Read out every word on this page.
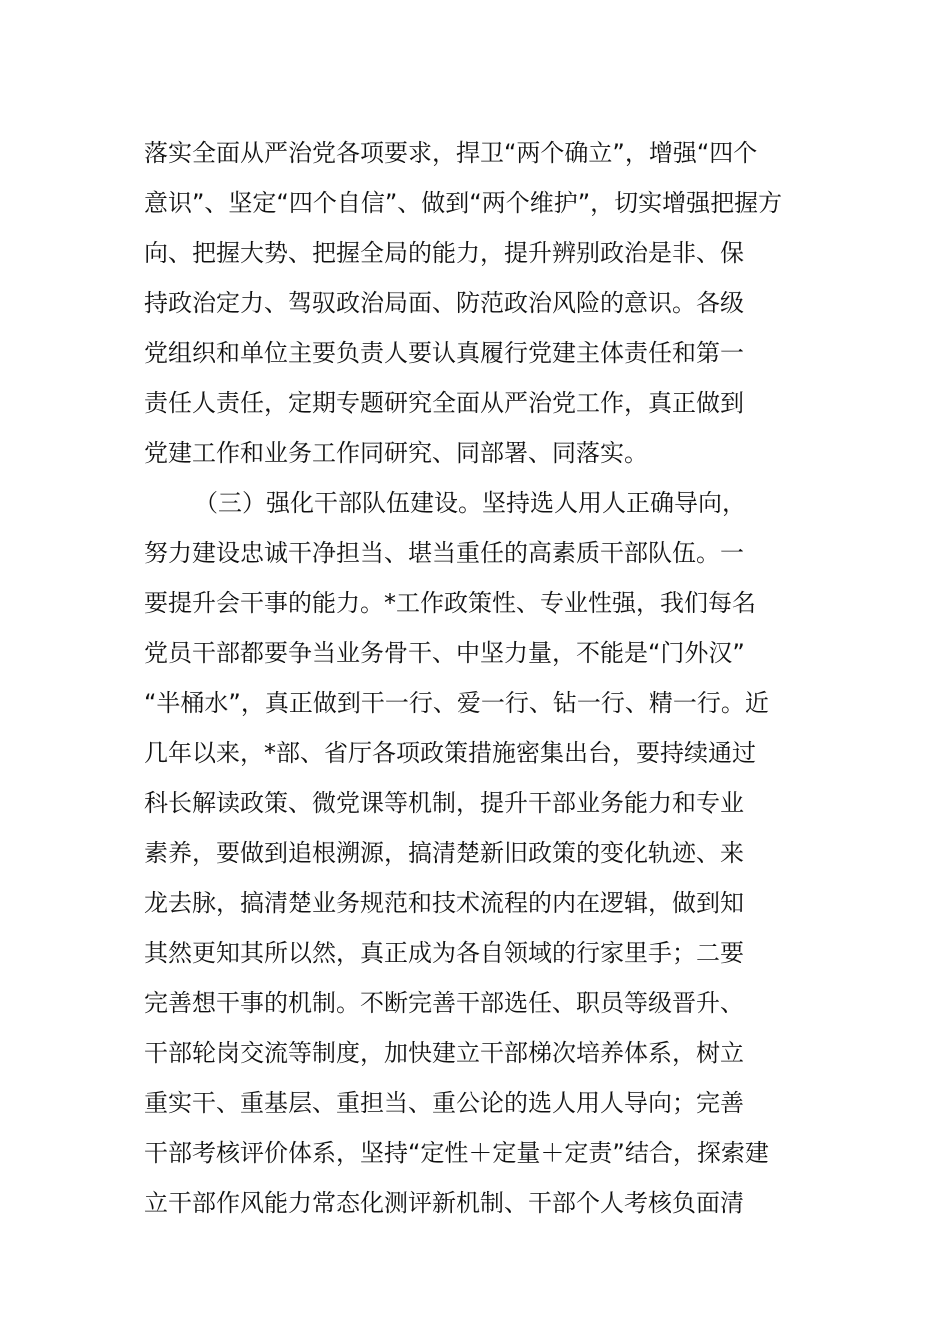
落实全面从严治党各项要求，捍卫“两个确立”，增强“四个
意识”、坚定“四个自信”、做到“两个维护”，切实增强把握方
向、把握大势、把握全局的能力，提升辨别政治是非、保
持政治定力、驾驭政治局面、防范政治风险的意识。各级
党组织和单位主要负责人要认真履行党建主体责任和第一
责任人责任，定期专题研究全面从严治党工作，真正做到
党建工作和业务工作同研究、同部署、同落实。
（三）强化干部队伍建设。坚持选人用人正确导向，
努力建设忠诚干净担当、堪当重任的高素质干部队伍。一
要提升会干事的能力。*工作政策性、专业性强，我们每名
党员干部都要争当业务骨干、中坚力量，不能是“门外汉”
“半桶水”，真正做到干一行、爱一行、钻一行、精一行。近
几年以来，*部、省厅各项政策措施密集出台，要持续通过
科长解读政策、微党课等机制，提升干部业务能力和专业
素养，要做到追根溯源，搞清楚新旧政策的变化轨迹、来
龙去脉，搞清楚业务规范和技术流程的内在逻辑，做到知
其然更知其所以然，真正成为各自领域的行家里手；二要
完善想干事的机制。不断完善干部选任、职员等级晋升、
干部轮岗交流等制度，加快建立干部梯次培养体系，树立
重实干、重基层、重担当、重公论的选人用人导向；完善
干部考核评价体系，坚持“定性＋定量＋定责”结合，探索建
立干部作风能力常态化测评新机制、干部个人考核负面清
